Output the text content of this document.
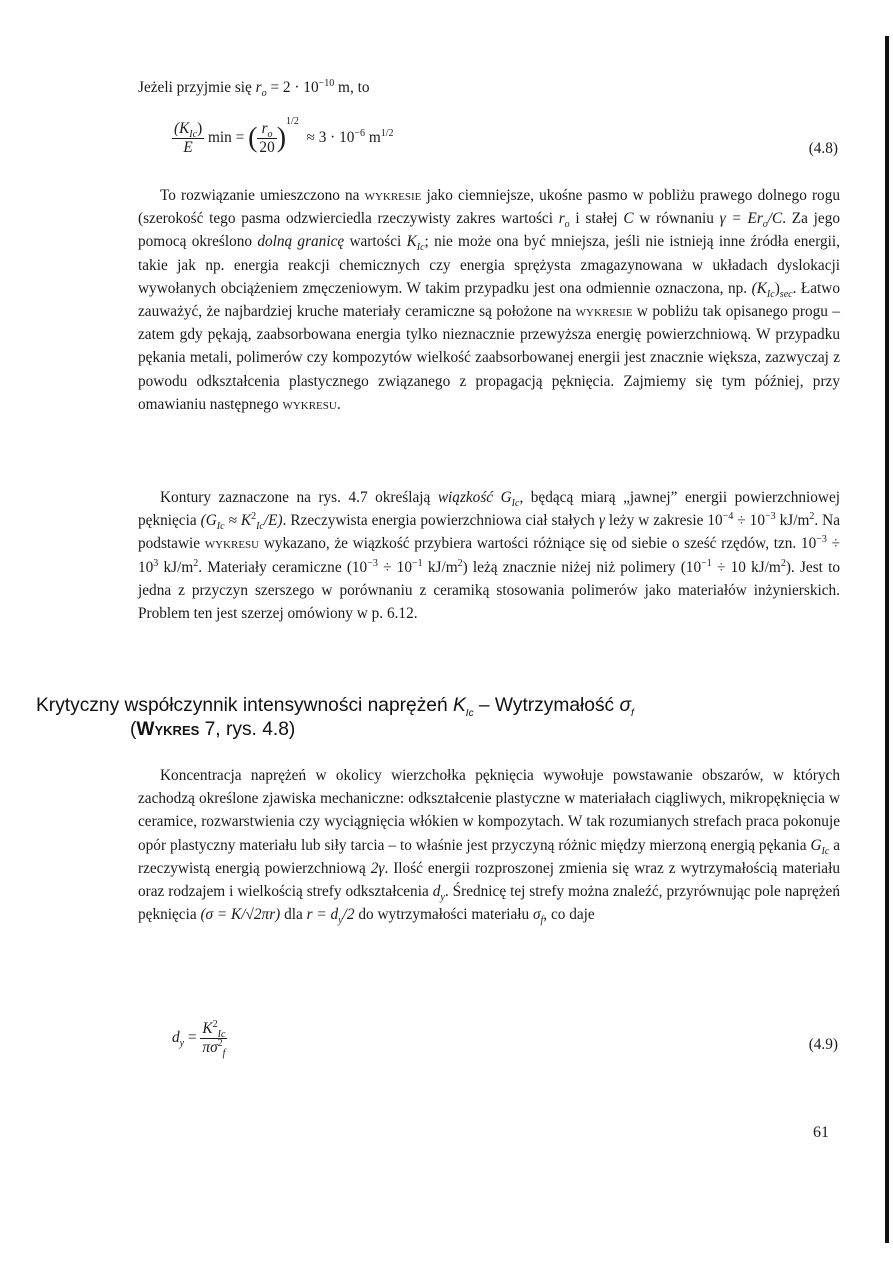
Jeżeli przyjmie się $r_o = 2 \cdot 10^{-10}$ m, to
$\frac{(K_{Ic})}{E}$ min = ( $\frac{r_o}{20} )^{1/2} \approx 3 \cdot 10^{-6}$ $m^{1/2}$
(4.8)

To rozwiązanie umieszczono na wykresie jako ciemniejsze, ukośne pasmo w pobliżu prawego dolnego rogu (szerokość tego pasma odzwierciedla rzeczywisty zakres wartości $r_o$ i stałej C w równaniu $\gamma = Er_o/C$. Za jego pomocą określono dolną granicę wartości $K_{Ic}$; nie może ona być mniejsza, jeśli nie istnieją inne źródła energii, takie jak np. energia reakcji chemicznych czy energia sprężysta zmagazynowana w układach dyslokacji wywołanych obciążeniem zmęczeniowym. W takim przypadku jest ona odmiennie oznaczona, np. $(K_{Ic})_{sec}$. Łatwo zauważyć, że najbardziej kruche materiały ceramiczne są położone na wykresie w pobliżu tak opisanego progu – zatem gdy pękają, zaabsorbowana energia tylko nieznacznie przewyższa energię powierzchniową. W przypadku pękania metali, polimerów czy kompozytów wielkość zaabsorbowanej energii jest znacznie większa, zazwyczaj z powodu odkształcenia plastycznego związanego z propagacją pęknięcia. Zajmiemy się tym później, przy omawianiu następnego wykresu.

Kontury zaznaczone na rys. 4.7 określają wiązkość $G_{Ic}$, będącą miarą „jawnej” energii powierzchniowej pęknięcia $(G_{Ic} \approx K^2_{Ic}/E)$. Rzeczywista energia powierzchniowa ciał stałych γ leży w zakresie $10^{-4} \div 10^{-3}$ $kJ/m^2$. Na podstawie wykresu wykazano, że wiązkość przybiera wartości różniące się od siebie o sześć rzędów, tzn. $10^{-3} \div 10^3$ $kJ/m^2$. Materiały ceramiczne ($10^{-3} \div 10^{-1}$ $kJ/m^2$) leżą znacznie niżej niż polimery ($10^{-1} \div 10$ $kJ/m^2$). Jest to jedna z przyczyn szerszego w porównaniu z ceramiką stosowania polimerów jako materiałów inżynierskich. Problem ten jest szerzej omówiony w p. 6.12.

Krytyczny współczynnik intensywności naprężeń $K_{Ic}$ – Wytrzymałość $\sigma_f$
(Wykres 7, rys. 4.8)

Koncentracja naprężeń w okolicy wierzchołka pęknięcia wywołuje powstawanie obszarów, w których zachodzą określone zjawiska mechaniczne: odkształcenie plastyczne w materiałach ciągliwych, mikropęknięcia w ceramice, rozwarstwienia czy wyciągnięcia włókien w kompozytach. W tak rozumianych strefach praca pokonuje opór plastyczny materiału lub siły tarcia – to właśnie jest przyczyną różnic między mierzoną energią pękania $G_{Ic}$ a rzeczywistą energią powierzchniową 2γ. Ilość energii rozproszonej zmienia się wraz z wytrzymałością materiału oraz rodzajem i wielkością strefy odkształcenia $d_y$. Średnicę tej strefy można znaleźć, przyrównując pole naprężeń pęknięcia (σ = K/√2πr) dla $r = d_y/2$ do wytrzymałości materiału $\sigma_f$, co daje

$d_y = \frac{K^2_{Ic}}{\pi\sigma^2_f}$	(4.9)
61
